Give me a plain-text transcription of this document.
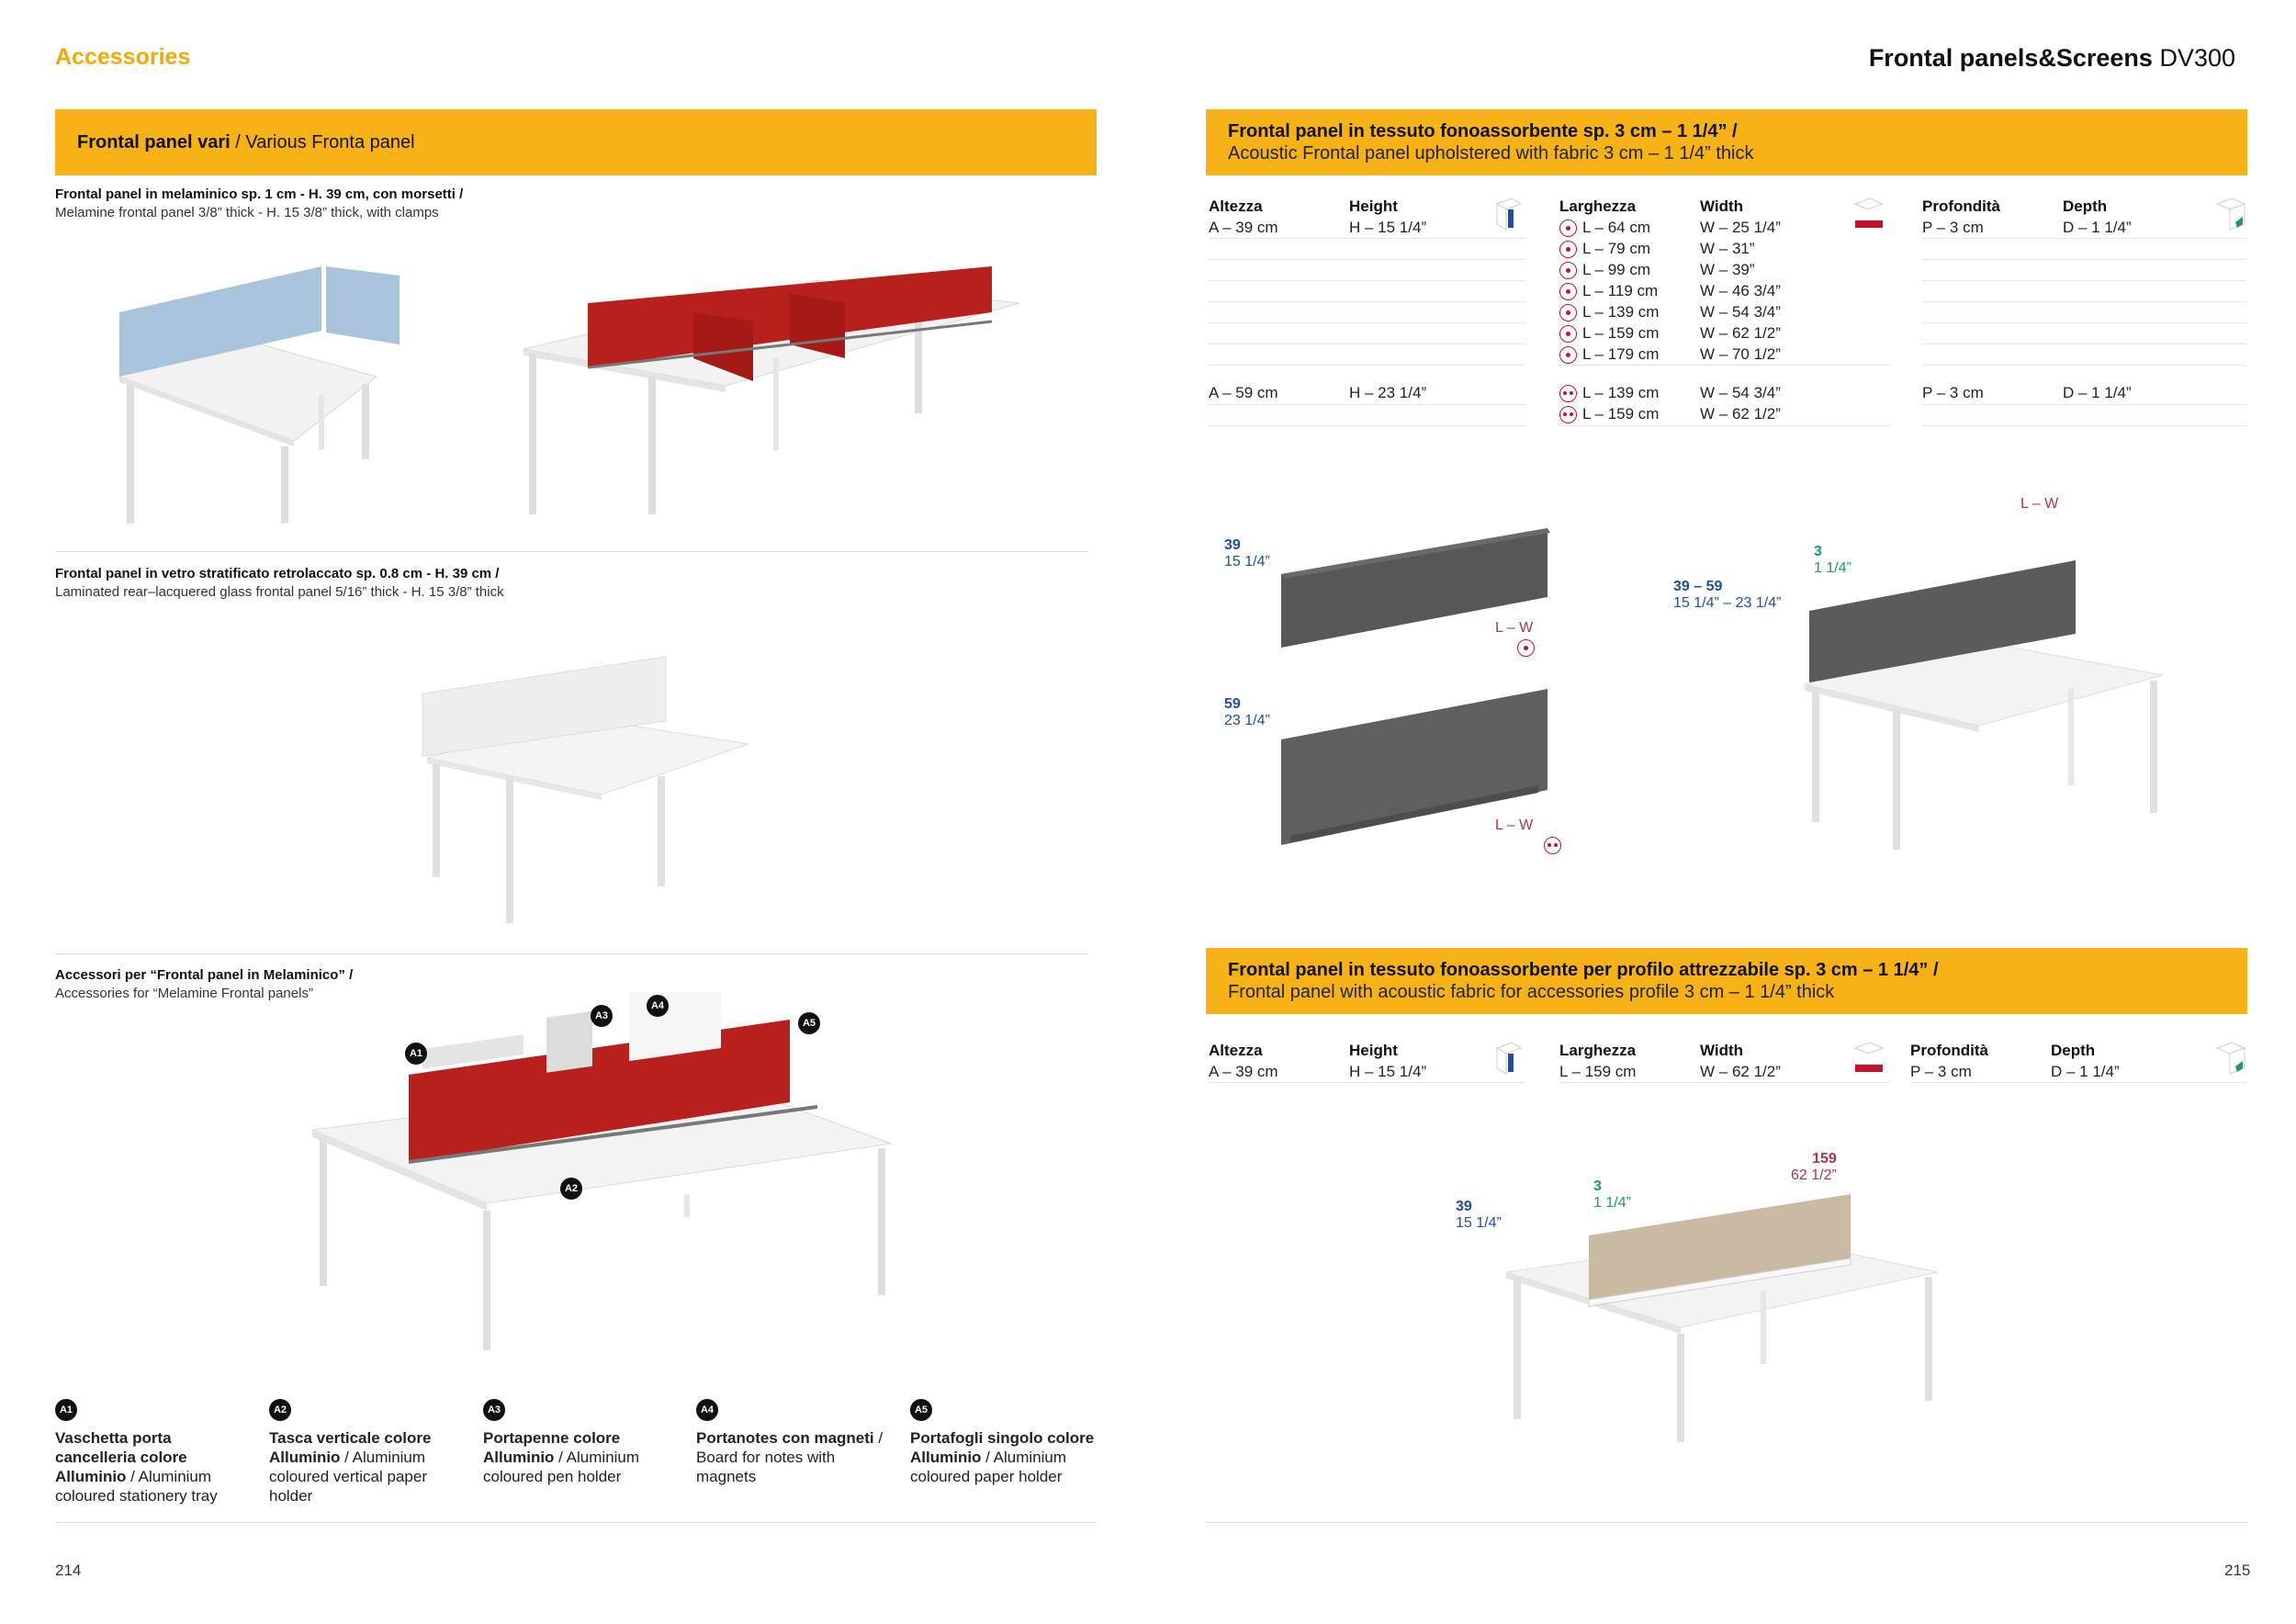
Accessories	Frontal panels&Screens DV300
Frontal panel vari / Various Fronta panel
Frontal panel in melaminico sp. 1 cm - H. 39 cm, con morsetti /
Melamine frontal panel 3/8” thick - H. 15 3/8” thick, with clamps
Frontal panel in vetro stratificato retrolaccato sp. 0.8 cm - H. 39 cm /
Laminated rear–lacquered glass frontal panel 5/16” thick - H. 15 3/8” thick
Accessori per “Frontal panel in Melaminico” /
Accessories for “Melamine Frontal panels”
A1
A3
A4
A5
A2
A1
Vaschetta porta
cancelleria colore
Alluminio / Aluminium
coloured stationery tray
A2
Tasca verticale colore
Alluminio / Aluminium
coloured vertical paper
holder
A3
Portapenne colore
Alluminio / Aluminium
coloured pen holder
A4
Portanotes con magneti /
Board for notes with
magnets
A5
Portafogli singolo colore
Alluminio / Aluminium
coloured paper holder
214
Frontal panel in tessuto fonoassorbente sp. 3 cm – 1 1/4” /
Acoustic Frontal panel upholstered with fabric 3 cm – 1 1/4” thick
Altezza	Height
A – 39 cm	H – 15 1/4”
A – 59 cm	H – 23 1/4”
Larghezza	Width
L – 64 cm	W – 25 1/4”
L – 79 cm	W – 31”
L – 99 cm	W – 39”
L – 119 cm	W – 46 3/4”
L – 139 cm	W – 54 3/4”
L – 159 cm	W – 62 1/2”
L – 179 cm	W – 70 1/2”
L – 139 cm	W – 54 3/4”
L – 159 cm	W – 62 1/2”
Profondità	Depth
P – 3 cm	D – 1 1/4”
P – 3 cm	D – 1 1/4”
39
15 1/4”
L – W

59
23 1/4”
L – W
L – W
3
1 1/4”
39 – 59
15 1/4” – 23 1/4”
Frontal panel in tessuto fonoassorbente per profilo attrezzabile sp. 3 cm – 1 1/4” /
Frontal panel with acoustic fabric for accessories profile 3 cm – 1 1/4” thick
Altezza	Height
A – 39 cm	H – 15 1/4”
Larghezza	Width
L – 159 cm	W – 62 1/2”
Profondità	Depth
P – 3 cm	D – 1 1/4”
159
62 1/2”
3
1 1/4”
39
15 1/4”
215
